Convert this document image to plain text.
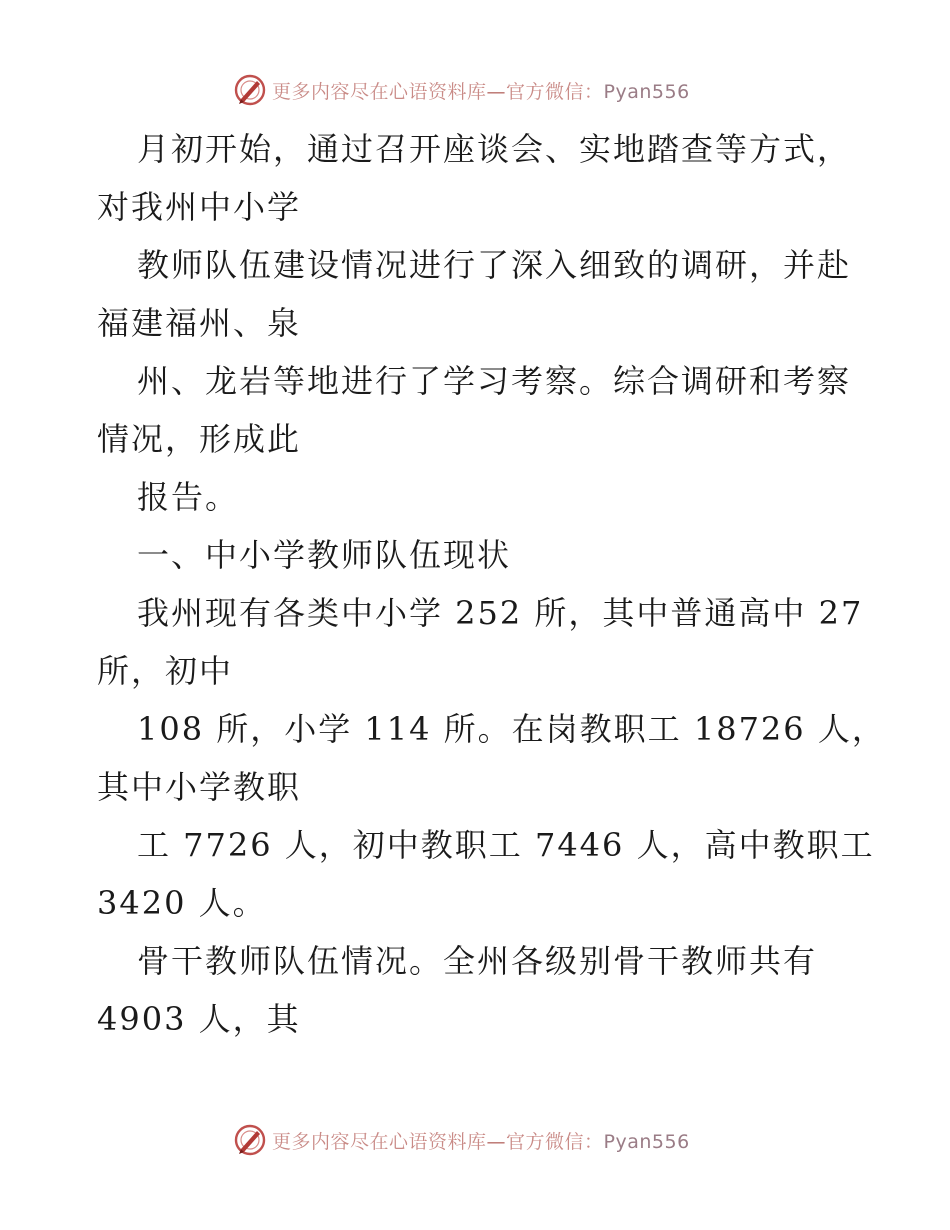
更多内容尽在心语资料库—官方微信：Pyan556
月初开始，通过召开座谈会、实地踏查等方式，
对我州中小学
教师队伍建设情况进行了深入细致的调研，并赴
福建福州、泉
州、龙岩等地进行了学习考察。综合调研和考察
情况，形成此
报告。
一、中小学教师队伍现状
我州现有各类中小学 252 所，其中普通高中 27
所，初中
108 所，小学 114 所。在岗教职工 18726 人，
其中小学教职
工 7726 人，初中教职工 7446 人，高中教职工
3420 人。
骨干教师队伍情况。全州各级别骨干教师共有
4903 人，其
更多内容尽在心语资料库—官方微信：Pyan556
